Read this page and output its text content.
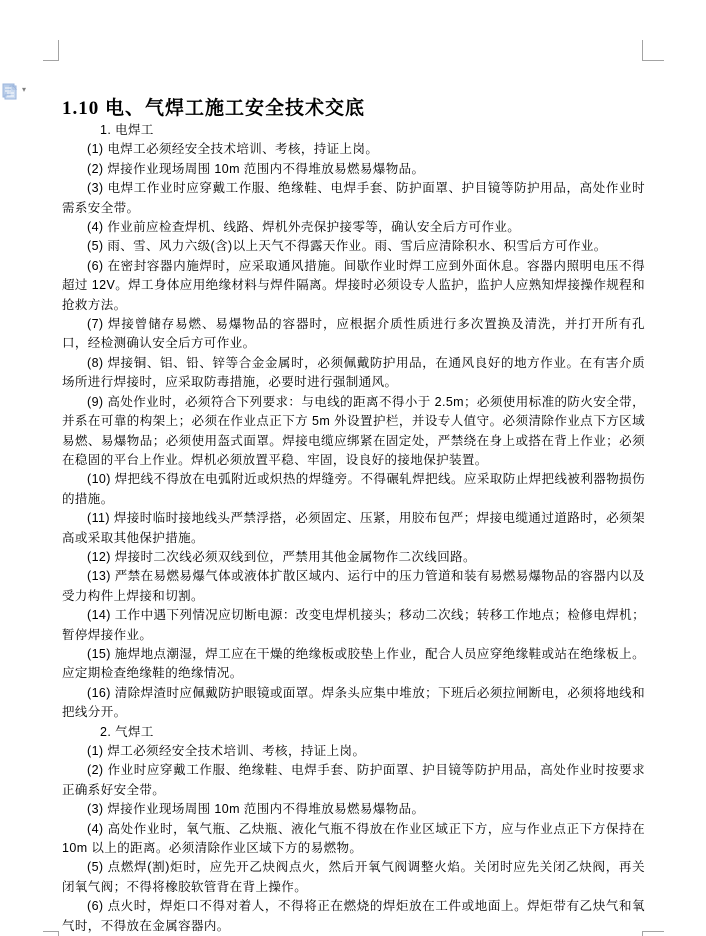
▾
1.10 电、气焊工施工安全技术交底

1. 电焊工

(1) 电焊工必须经安全技术培训、考核，持证上岗。

(2) 焊接作业现场周围 10m 范围内不得堆放易燃易爆物品。

(3) 电焊工作业时应穿戴工作服、绝缘鞋、电焊手套、防护面罩、护目镜等防护用品，高处作业时需系安全带。

(4) 作业前应检查焊机、线路、焊机外壳保护接零等，确认安全后方可作业。

(5) 雨、雪、风力六级(含)以上天气不得露天作业。雨、雪后应清除积水、积雪后方可作业。

(6) 在密封容器内施焊时，应采取通风措施。间歇作业时焊工应到外面休息。容器内照明电压不得超过 12V。焊工身体应用绝缘材料与焊件隔离。焊接时必须设专人监护，监护人应熟知焊接操作规程和抢救方法。

(7) 焊接曾储存易燃、易爆物品的容器时，应根据介质性质进行多次置换及清洗，并打开所有孔口，经检测确认安全后方可作业。

(8) 焊接铜、铝、铅、锌等合金金属时，必须佩戴防护用品，在通风良好的地方作业。在有害介质场所进行焊接时，应采取防毒措施，必要时进行强制通风。

(9) 高处作业时，必须符合下列要求：与电线的距离不得小于 2.5m；必须使用标准的防火安全带，并系在可靠的构架上；必须在作业点正下方 5m 外设置护栏，并设专人值守。必须清除作业点下方区域易燃、易爆物品；必须使用盔式面罩。焊接电缆应绑紧在固定处，严禁绕在身上或搭在背上作业；必须在稳固的平台上作业。焊机必须放置平稳、牢固，设良好的接地保护装置。

(10) 焊把线不得放在电弧附近或炽热的焊缝旁。不得碾轧焊把线。应采取防止焊把线被利器物损伤的措施。

(11) 焊接时临时接地线头严禁浮搭，必须固定、压紧，用胶布包严；焊接电缆通过道路时，必须架高或采取其他保护措施。

(12) 焊接时二次线必须双线到位，严禁用其他金属物作二次线回路。

(13) 严禁在易燃易爆气体或液体扩散区域内、运行中的压力管道和装有易燃易爆物品的容器内以及受力构件上焊接和切割。

(14) 工作中遇下列情况应切断电源：改变电焊机接头；移动二次线；转移工作地点；检修电焊机；暂停焊接作业。

(15) 施焊地点潮湿，焊工应在干燥的绝缘板或胶垫上作业，配合人员应穿绝缘鞋或站在绝缘板上。应定期检查绝缘鞋的绝缘情况。

(16) 清除焊渣时应佩戴防护眼镜或面罩。焊条头应集中堆放；下班后必须拉闸断电，必须将地线和把线分开。

2. 气焊工

(1) 焊工必须经安全技术培训、考核，持证上岗。

(2) 作业时应穿戴工作服、绝缘鞋、电焊手套、防护面罩、护目镜等防护用品，高处作业时按要求正确系好安全带。

(3) 焊接作业现场周围 10m 范围内不得堆放易燃易爆物品。

(4) 高处作业时，氧气瓶、乙炔瓶、液化气瓶不得放在作业区域正下方，应与作业点正下方保持在 10m 以上的距离。必须清除作业区域下方的易燃物。

(5) 点燃焊(割)炬时，应先开乙炔阀点火，然后开氧气阀调整火焰。关闭时应先关闭乙炔阀，再关闭氧气阀；不得将橡胶软管背在背上操作。

(6) 点火时，焊炬口不得对着人，不得将正在燃烧的焊炬放在工件或地面上。焊炬带有乙炔气和氧气时，不得放在金属容器内。
